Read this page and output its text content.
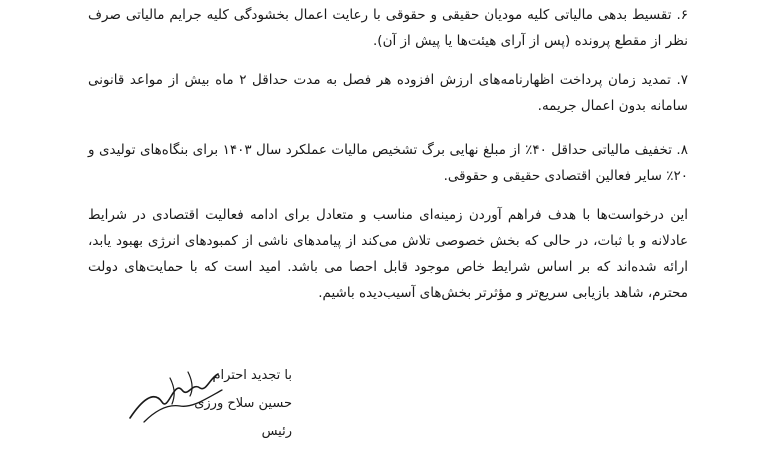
۶. تقسیط بدهی مالیاتی کلیه مودیان حقیقی و حقوقی با رعایت اعمال بخشودگی کلیه جرایم مالیاتی صرف نظر از مقطع پرونده (پس از آرای هیئت‌ها یا پیش از آن).

۷. تمدید زمان پرداخت اظهارنامه‌های ارزش افزوده هر فصل به مدت حداقل ۲ ماه بیش از مواعد قانونی سامانه بدون اعمال جریمه.

۸. تخفیف مالیاتی حداقل ۴۰٪ از مبلغ نهایی برگ تشخیص مالیات عملکرد سال ۱۴۰۳ برای بنگاه‌های تولیدی و ۲۰٪ سایر فعالین اقتصادی حقیقی و حقوقی.

این درخواست‌ها با هدف فراهم آوردن زمینه‌ای مناسب و متعادل برای ادامه فعالیت اقتصادی در شرایط عادلانه و با ثبات، در حالی که بخش خصوصی تلاش می‌کند از پیامدهای ناشی از کمبودهای انرژی بهبود یابد، ارائه شده‌اند که بر اساس شرایط خاص موجود قابل احصا می باشد. امید است که با حمایت‌های دولت محترم، شاهد بازیابی سریع‌تر و مؤثرتر بخش‌های آسیب‌دیده باشیم.

با تجدید احترام
حسین سلاح ورزی
رئیس
